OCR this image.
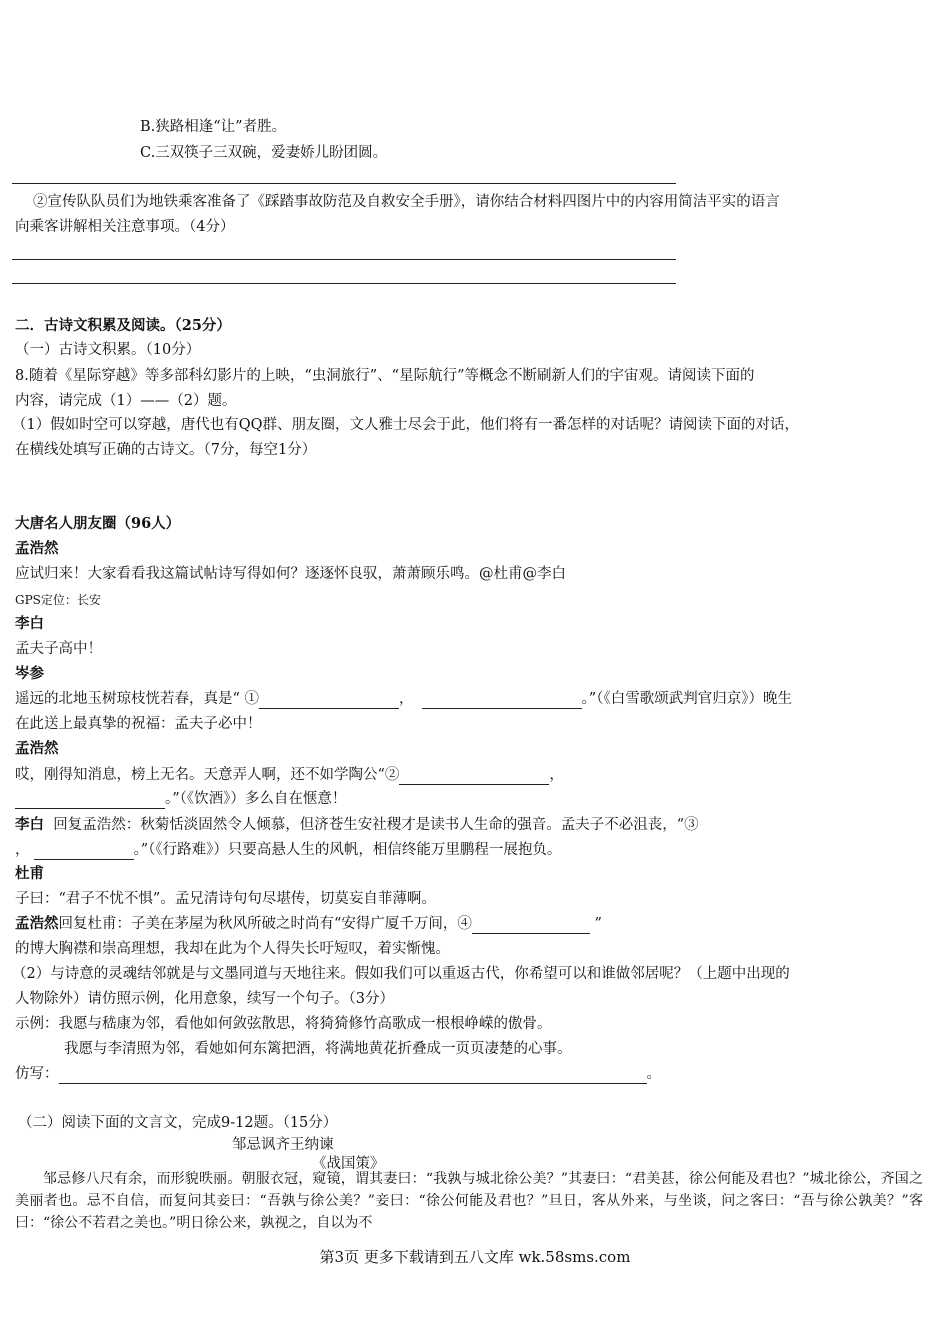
B.狭路相逢“让”者胜。
C.三双筷子三双碗，爱妻娇儿盼团圆。
②宣传队队员们为地铁乘客准备了《踩踏事故防范及自救安全手册》，请你结合材料四图片中的内容用简洁平实的语言
向乘客讲解相关注意事项。（4分）
二．古诗文积累及阅读。（25分）
（一）古诗文积累。（10分）
8.随着《星际穿越》等多部科幻影片的上映，“虫洞旅行”、“星际航行”等概念不断刷新人们的宇宙观。请阅读下面的
内容，请完成（1）——（2）题。
（1）假如时空可以穿越，唐代也有QQ群、朋友圈，文人雅士尽会于此，他们将有一番怎样的对话呢？请阅读下面的对话，
在横线处填写正确的古诗文。（7分，每空1分）
大唐名人朋友圈（96人）
孟浩然
应试归来！大家看看我这篇试帖诗写得如何？逐逐怀良驭，萧萧顾乐鸣。@杜甫@李白
GPS定位：长安
李白
孟夫子高中！
岑参
遥远的北地玉树琼枝恍若春，真是“ ①	，	。”（《白雪歌颂武判官归京》）晚生
在此送上最真挚的祝福：孟夫子必中！
孟浩然
哎，刚得知消息，榜上无名。天意弄人啊，还不如学陶公“②	，
。”（《饮酒》）多么自在惬意！
李白 回复孟浩然：秋菊恬淡固然令人倾慕，但济苍生安社稷才是读书人生命的强音。孟夫子不必沮丧，“③
，	。”（《行路难》）只要高悬人生的风帆，相信终能万里鹏程一展抱负。
杜甫
子曰：“君子不忧不惧”。孟兄清诗句句尽堪传，切莫妄自菲薄啊。
孟浩然回复杜甫：子美在茅屋为秋风所破之时尚有“安得广厦千万间，④	”
的博大胸襟和崇高理想，我却在此为个人得失长吁短叹，着实惭愧。
（2）与诗意的灵魂结邻就是与文墨同道与天地往来。假如我们可以重返古代，你希望可以和谁做邻居呢？（上题中出现的
人物除外）请仿照示例，化用意象，续写一个句子。（3分）
示例：我愿与嵇康为邻，看他如何敛弦散思，将猗猗修竹高歌成一根根峥嵘的傲骨。
我愿与李清照为邻，看她如何东篱把酒，将满地黄花折叠成一页页凄楚的心事。
仿写：	。
（二）阅读下面的文言文，完成9-12题。（15分）
邹忌讽齐王纳谏
《战国策》
邹忌修八尺有余，而形貌昳丽。朝服衣冠，窥镜，谓其妻曰：“我孰与城北徐公美？”其妻曰：“君美甚，徐公何能及君也？”城北徐公，齐国之美丽者也。忌不自信，而复问其妾曰：“吾孰与徐公美？”妾曰：“徐公何能及君也？”旦日，客从外来，与坐谈，问之客曰：“吾与徐公孰美？”客曰：“徐公不若君之美也。”明日徐公来，孰视之，自以为不
第3页 更多下载请到五八文库 wk.58sms.com
